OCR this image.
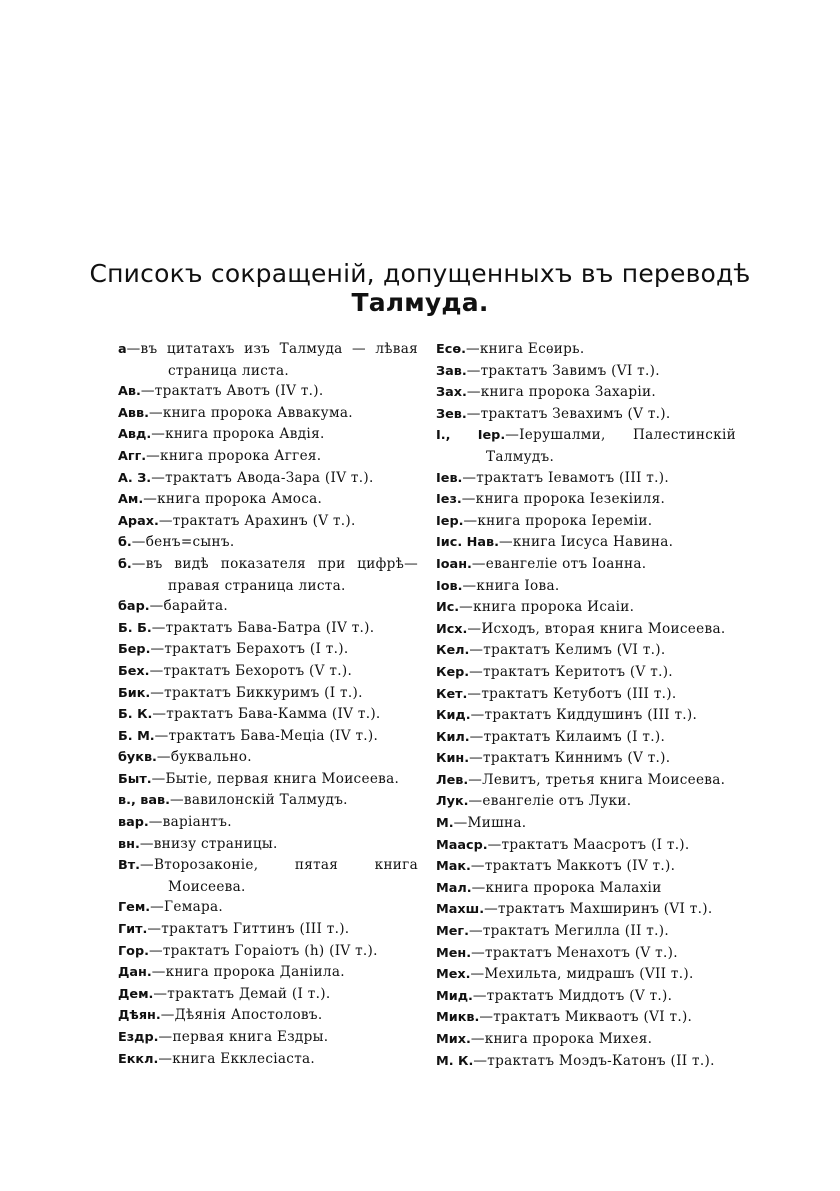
Списокъ сокращеній, допущенныхъ въ переводѣ
Талмуда.

а—въ цитатахъ изъ Талмуда — лѣвая страница листа.

Ав.—трактатъ Авотъ (IV т.).

Авв.—книга пророка Аввакума.

Авд.—книга пророка Авдія.

Агг.—книга пророка Аггея.

А. З.—трактатъ Авода-Зара (IV т.).

Ам.—книга пророка Амоса.

Арах.—трактатъ Арахинъ (V т.).

б.—бенъ=сынъ.

б.—въ видѣ показателя при цифрѣ—правая страница листа.

бар.—барайта.

Б. Б.—трактатъ Бава-Батра (IV т.).

Бер.—трактатъ Берахотъ (I т.).

Бех.—трактатъ Бехоротъ (V т.).

Бик.—трактатъ Биккуримъ (I т.).

Б. К.—трактатъ Бава-Камма (IV т.).

Б. М.—трактатъ Бава-Меціа (IV т.).

букв.—буквально.

Быт.—Бытіе, первая книга Моисеева.

в., вав.—вавилонскій Талмудъ.

вар.—варіантъ.

вн.—внизу страницы.

Вт.—Второзаконіе, пятая книга Моисеева.

Гем.—Гемара.

Гит.—трактатъ Гиттинъ (III т.).

Гор.—трактатъ Гораіотъ (h) (IV т.).

Дан.—книга пророка Даніила.

Дем.—трактатъ Демай (I т.).

Дѣян.—Дѣянія Апостоловъ.

Ездр.—первая книга Ездры.

Еккл.—книга Екклесіаста.

Есѳ.—книга Есѳирь.

Зав.—трактатъ Завимъ (VI т.).

Зах.—книга пророка Захаріи.

Зев.—трактатъ Зевахимъ (V т.).

І., Іер.—Іерушалми, Палестинскій Талмудъ.

Іев.—трактатъ Іевамотъ (III т.).

Іез.—книга пророка Іезекіиля.

Іер.—книга пророка Іереміи.

Іис. Нав.—книга Іисуса Навина.

Іоан.—евангеліе отъ Іоанна.

Іов.—книга Іова.

Ис.—книга пророка Исаіи.

Исх.—Исходъ, вторая книга Моисеева.

Кел.—трактатъ Келимъ (VI т.).

Кер.—трактатъ Керитотъ (V т.).

Кет.—трактатъ Кетуботъ (III т.).

Кид.—трактатъ Киддушинъ (III т.).

Кил.—трактатъ Килаимъ (I т.).

Кин.—трактатъ Киннимъ (V т.).

Лев.—Левитъ, третья книга Моисеева.

Лук.—евангеліе отъ Луки.

М.—Мишна.

Мааср.—трактатъ Маасротъ (I т.).

Мак.—трактатъ Маккотъ (IV т.).

Мал.—книга пророка Малахіи

Махш.—трактатъ Махширинъ (VI т.).

Мег.—трактатъ Мегилла (II т.).

Мен.—трактатъ Менахотъ (V т.).

Мех.—Мехильта, мидрашъ (VII т.).

Мид.—трактатъ Миддотъ (V т.).

Микв.—трактатъ Микваотъ (VI т.).

Мих.—книга пророка Михея.

М. К.—трактатъ Моэдъ-Катонъ (II т.).
